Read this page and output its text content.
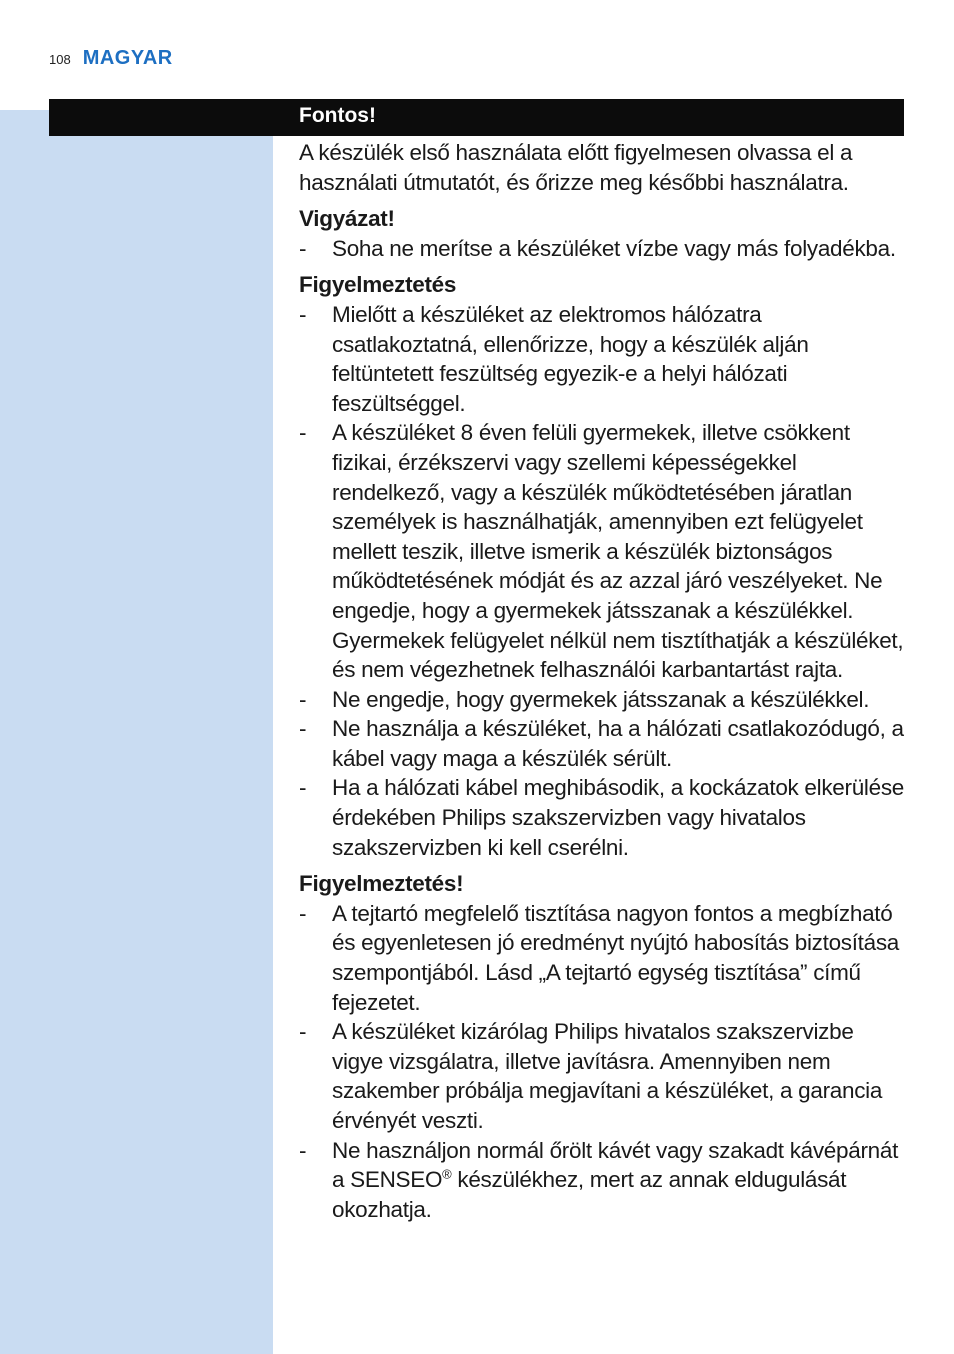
108 MAGYAR
Fontos!

A készülék első használata előtt figyelmesen olvassa el a használati útmutatót, és őrizze meg későbbi használatra.

Vigyázat!

- Soha ne merítse a készüléket vízbe vagy más folyadékba.

Figyelmeztetés

- Mielőtt a készüléket az elektromos hálózatra csatlakoztatná, ellenőrizze, hogy a készülék alján feltüntetett feszültség egyezik-e a helyi hálózati feszültséggel.
- A készüléket 8 éven felüli gyermekek, illetve csökkent fizikai, érzékszervi vagy szellemi képességekkel rendelkező, vagy a készülék működtetésében járatlan személyek is használhatják, amennyiben ezt felügyelet mellett teszik, illetve ismerik a készülék biztonságos működtetésének módját és az azzal járó veszélyeket. Ne engedje, hogy a gyermekek játsszanak a készülékkel. Gyermekek felügyelet nélkül nem tisztíthatják a készüléket, és nem végezhetnek felhasználói karbantartást rajta.
- Ne engedje, hogy gyermekek játsszanak a készülékkel.
- Ne használja a készüléket, ha a hálózati csatlakozódugó, a kábel vagy maga a készülék sérült.
- Ha a hálózati kábel meghibásodik, a kockázatok elkerülése érdekében Philips szakszervizben vagy hivatalos szakszervizben ki kell cserélni.

Figyelmeztetés!

- A tejtartó megfelelő tisztítása nagyon fontos a megbízható és egyenletesen jó eredményt nyújtó habosítás biztosítása szempontjából. Lásd „A tejtartó egység tisztítása” című fejezetet.
- A készüléket kizárólag Philips hivatalos szakszervizbe vigye vizsgálatra, illetve javításra. Amennyiben nem szakember próbálja megjavítani a készüléket, a garancia érvényét veszti.
- Ne használjon normál őrölt kávét vagy szakadt kávépárnát a SENSEO® készülékhez, mert az annak eldugulását okozhatja.
